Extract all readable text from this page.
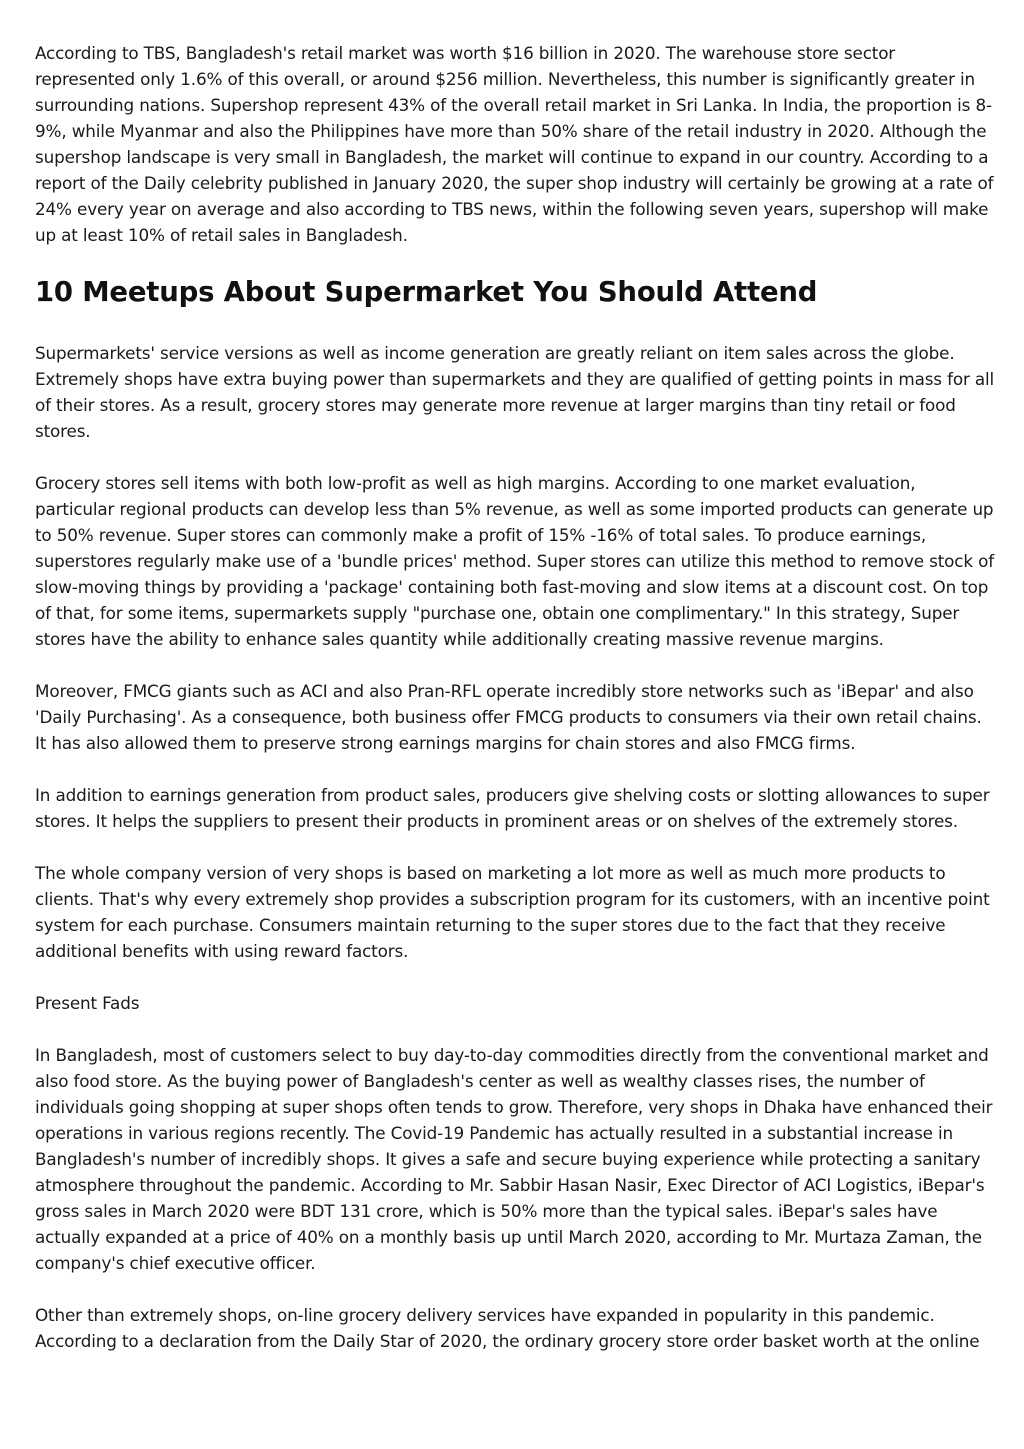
According to TBS, Bangladesh's retail market was worth $16 billion in 2020. The warehouse store sector represented only 1.6% of this overall, or around $256 million. Nevertheless, this number is significantly greater in surrounding nations. Supershop represent 43% of the overall retail market in Sri Lanka. In India, the proportion is 8-9%, while Myanmar and also the Philippines have more than 50% share of the retail industry in 2020. Although the supershop landscape is very small in Bangladesh, the market will continue to expand in our country. According to a report of the Daily celebrity published in January 2020, the super shop industry will certainly be growing at a rate of 24% every year on average and also according to TBS news, within the following seven years, supershop will make up at least 10% of retail sales in Bangladesh.

10 Meetups About Supermarket You Should Attend

Supermarkets' service versions as well as income generation are greatly reliant on item sales across the globe. Extremely shops have extra buying power than supermarkets and they are qualified of getting points in mass for all of their stores. As a result, grocery stores may generate more revenue at larger margins than tiny retail or food stores.

Grocery stores sell items with both low-profit as well as high margins. According to one market evaluation, particular regional products can develop less than 5% revenue, as well as some imported products can generate up to 50% revenue. Super stores can commonly make a profit of 15% -16% of total sales. To produce earnings, superstores regularly make use of a 'bundle prices' method. Super stores can utilize this method to remove stock of slow-moving things by providing a 'package' containing both fast-moving and slow items at a discount cost. On top of that, for some items, supermarkets supply "purchase one, obtain one complimentary." In this strategy, Super stores have the ability to enhance sales quantity while additionally creating massive revenue margins.

Moreover, FMCG giants such as ACI and also Pran-RFL operate incredibly store networks such as 'iBepar' and also 'Daily Purchasing'. As a consequence, both business offer FMCG products to consumers via their own retail chains. It has also allowed them to preserve strong earnings margins for chain stores and also FMCG firms.

In addition to earnings generation from product sales, producers give shelving costs or slotting allowances to super stores. It helps the suppliers to present their products in prominent areas or on shelves of the extremely stores.

The whole company version of very shops is based on marketing a lot more as well as much more products to clients. That's why every extremely shop provides a subscription program for its customers, with an incentive point system for each purchase. Consumers maintain returning to the super stores due to the fact that they receive additional benefits with using reward factors.

Present Fads

In Bangladesh, most of customers select to buy day-to-day commodities directly from the conventional market and also food store. As the buying power of Bangladesh's center as well as wealthy classes rises, the number of individuals going shopping at super shops often tends to grow. Therefore, very shops in Dhaka have enhanced their operations in various regions recently. The Covid-19 Pandemic has actually resulted in a substantial increase in Bangladesh's number of incredibly shops. It gives a safe and secure buying experience while protecting a sanitary atmosphere throughout the pandemic. According to Mr. Sabbir Hasan Nasir, Exec Director of ACI Logistics, iBepar's gross sales in March 2020 were BDT 131 crore, which is 50% more than the typical sales. iBepar's sales have actually expanded at a price of 40% on a monthly basis up until March 2020, according to Mr. Murtaza Zaman, the company's chief executive officer.

Other than extremely shops, on-line grocery delivery services have expanded in popularity in this pandemic. According to a declaration from the Daily Star of 2020, the ordinary grocery store order basket worth at the online
